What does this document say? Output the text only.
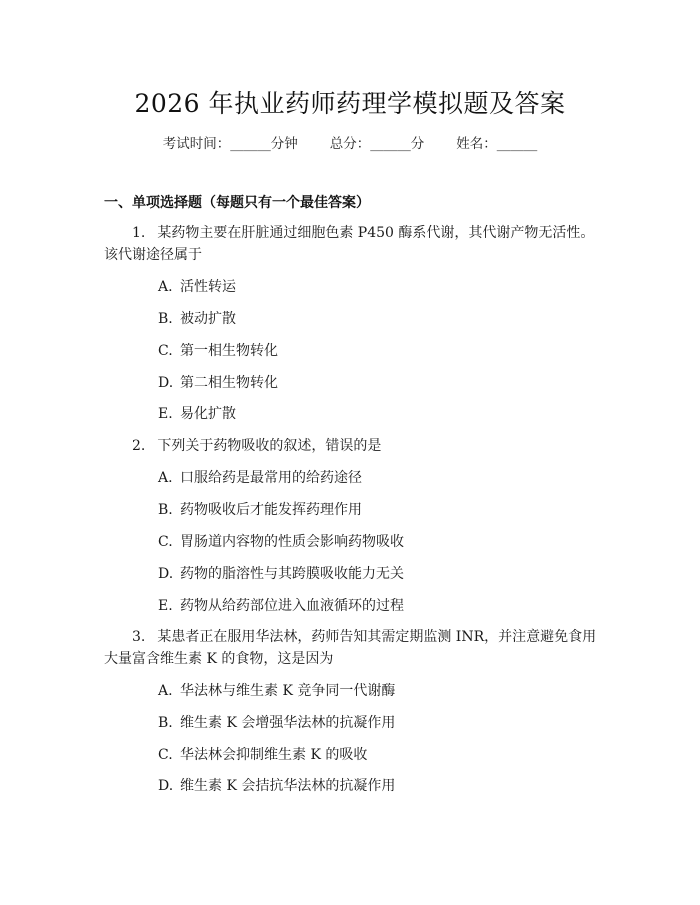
2026 年执业药师药理学模拟题及答案
考试时间：______分钟 总分：______分 姓名：______
一、单项选择题（每题只有一个最佳答案）
1. 某药物主要在肝脏通过细胞色素 P450 酶系代谢，其代谢产物无活性。该代谢途径属于
A. 活性转运
B. 被动扩散
C. 第一相生物转化
D. 第二相生物转化
E. 易化扩散
2. 下列关于药物吸收的叙述，错误的是
A. 口服给药是最常用的给药途径
B. 药物吸收后才能发挥药理作用
C. 胃肠道内容物的性质会影响药物吸收
D. 药物的脂溶性与其跨膜吸收能力无关
E. 药物从给药部位进入血液循环的过程
3. 某患者正在服用华法林，药师告知其需定期监测 INR，并注意避免食用大量富含维生素 K 的食物，这是因为
A. 华法林与维生素 K 竞争同一代谢酶
B. 维生素 K 会增强华法林的抗凝作用
C. 华法林会抑制维生素 K 的吸收
D. 维生素 K 会拮抗华法林的抗凝作用
